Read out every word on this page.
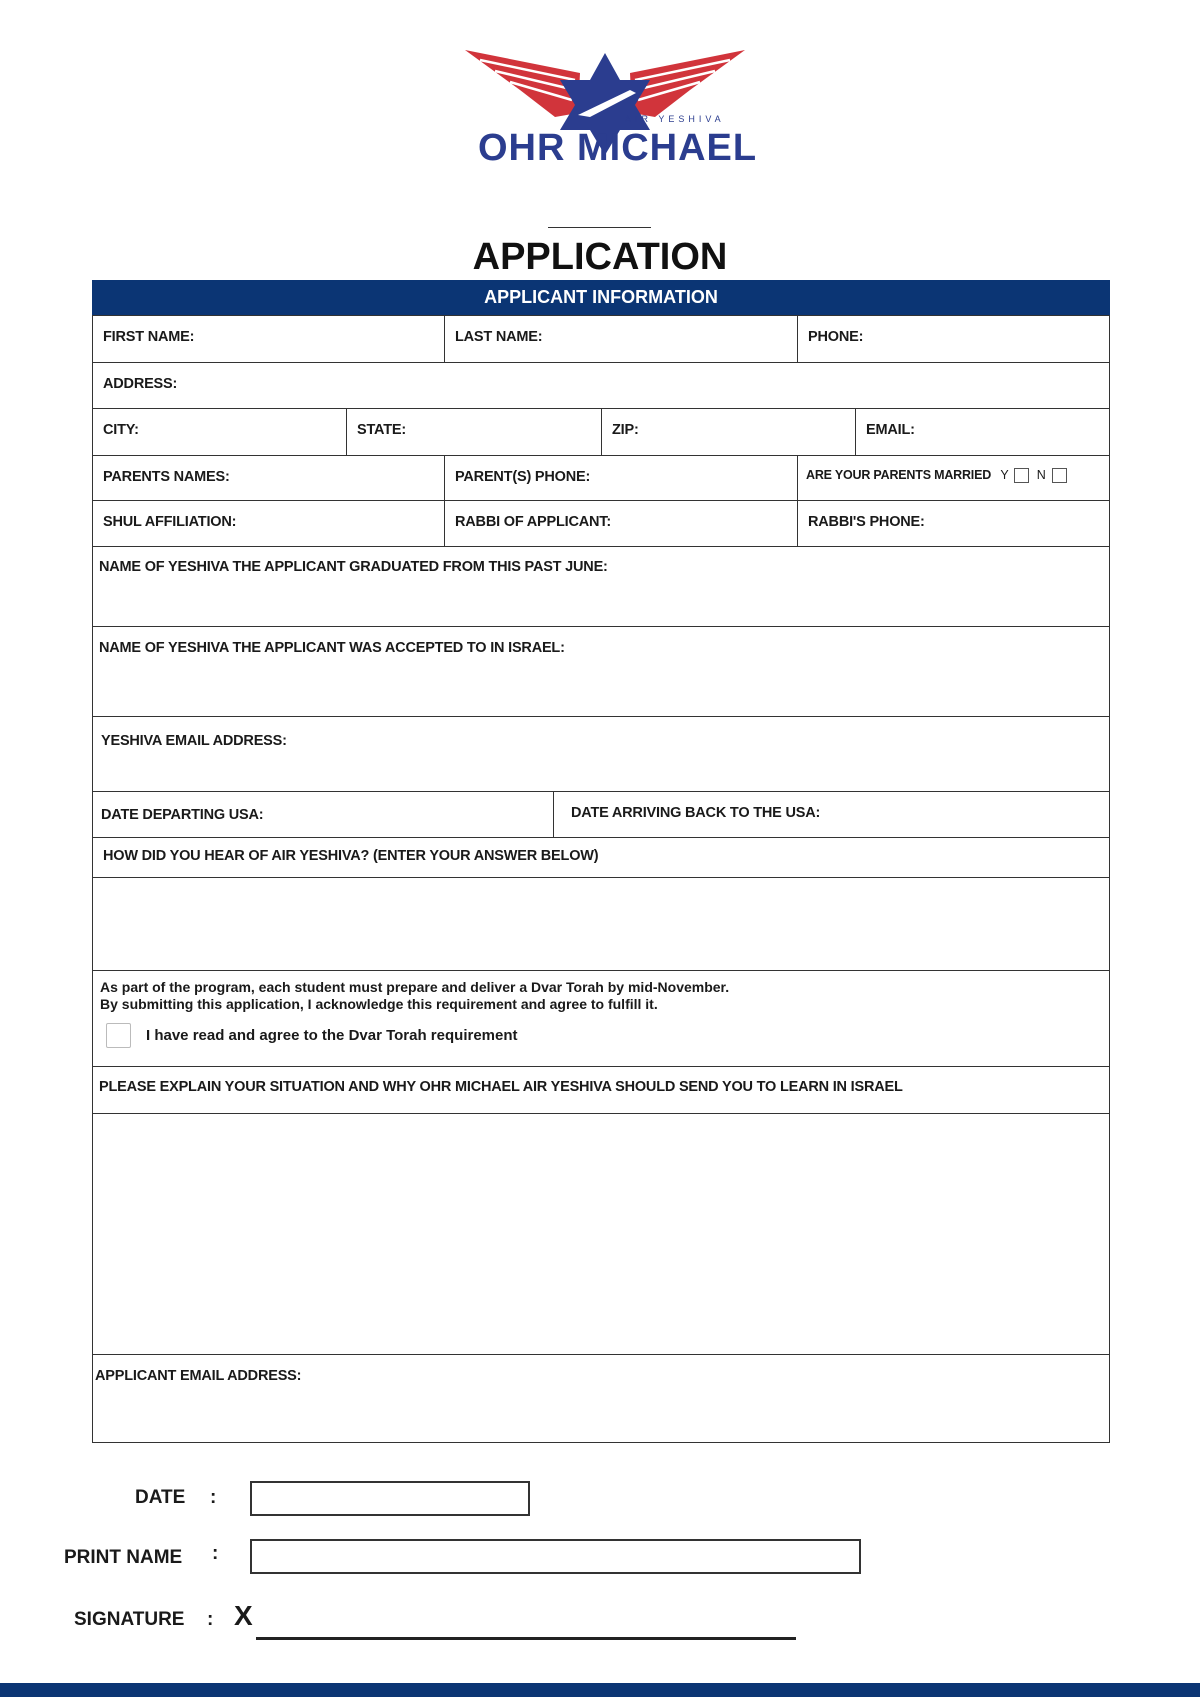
AIR YESHIVA
OHR MICHAEL
APPLICATION
APPLICANT INFORMATION
FIRST NAME:	LAST NAME:	PHONE:
ADDRESS:
CITY:	STATE:	ZIP:	EMAIL:
PARENTS NAMES:	PARENT(S) PHONE:	ARE YOUR PARENTS MARRIED Y N
SHUL AFFILIATION:	RABBI OF APPLICANT:	RABBI'S PHONE:
NAME OF YESHIVA THE APPLICANT GRADUATED FROM THIS PAST JUNE:
NAME OF YESHIVA THE APPLICANT WAS ACCEPTED TO IN ISRAEL:
YESHIVA EMAIL ADDRESS:
DATE DEPARTING USA:	DATE ARRIVING BACK TO THE USA:
HOW DID YOU HEAR OF AIR YESHIVA? (ENTER YOUR ANSWER BELOW)
As part of the program, each student must prepare and deliver a Dvar Torah by mid-November.
By submitting this application, I acknowledge this requirement and agree to fulfill it.
I have read and agree to the Dvar Torah requirement
PLEASE EXPLAIN YOUR SITUATION AND WHY OHR MICHAEL AIR YESHIVA SHOULD SEND YOU TO LEARN IN ISRAEL
APPLICANT EMAIL ADDRESS:
DATE :
PRINT NAME :
SIGNATURE : X
